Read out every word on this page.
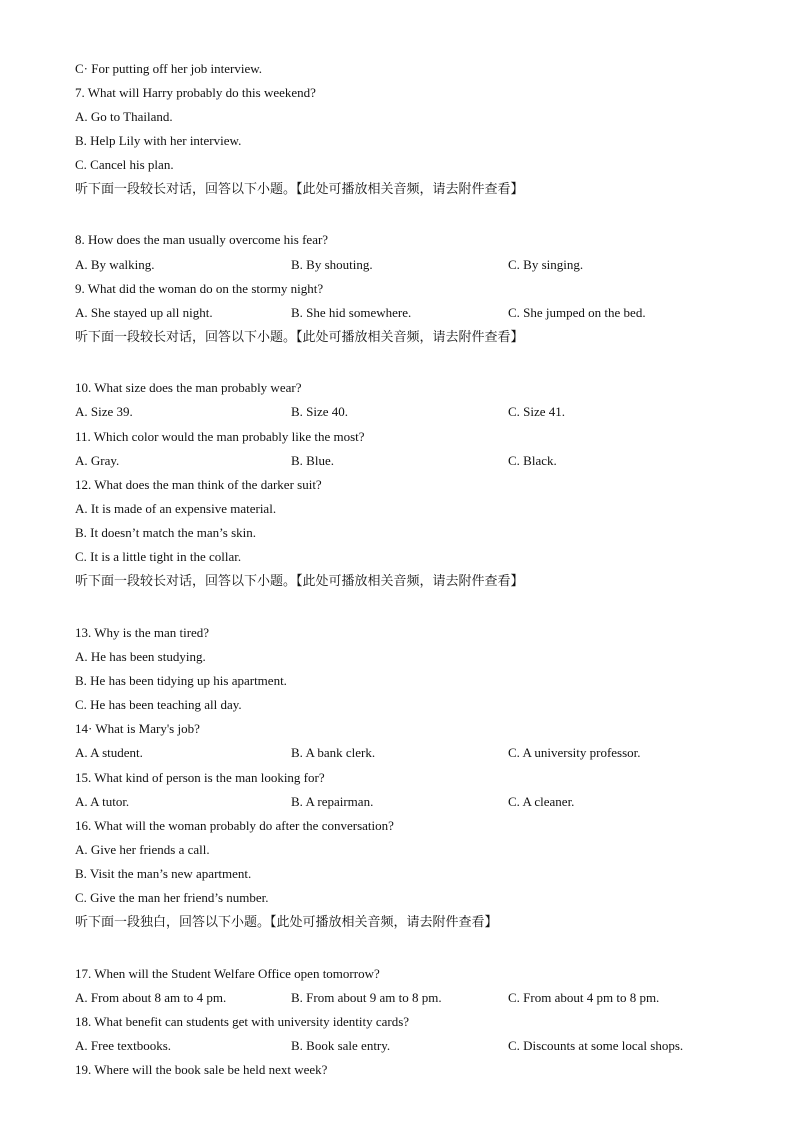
C· For putting off her job interview.
7. What will Harry probably do this weekend?
A. Go to Thailand.
B. Help Lily with her interview.
C. Cancel his plan.
听下面一段较长对话，回答以下小题。【此处可播放相关音频，请去附件查看】
8. How does the man usually overcome his fear?
A. By walking.	B. By shouting.	C. By singing.
9. What did the woman do on the stormy night?
A. She stayed up all night.	B. She hid somewhere.	C. She jumped on the bed.
听下面一段较长对话，回答以下小题。【此处可播放相关音频，请去附件查看】
10. What size does the man probably wear?
A. Size 39.	B. Size 40.	C. Size 41.
11. Which color would the man probably like the most?
A. Gray.	B. Blue.	C. Black.
12. What does the man think of the darker suit?
A. It is made of an expensive material.
B. It doesn’t match the man’s skin.
C. It is a little tight in the collar.
听下面一段较长对话，回答以下小题。【此处可播放相关音频，请去附件查看】
13. Why is the man tired?
A. He has been studying.
B. He has been tidying up his apartment.
C. He has been teaching all day.
14· What is Mary's job?
A. A student.	B. A bank clerk.	C. A university professor.
15. What kind of person is the man looking for?
A. A tutor.	B. A repairman.	C. A cleaner.
16. What will the woman probably do after the conversation?
A. Give her friends a call.
B. Visit the man’s new apartment.
C. Give the man her friend’s number.
听下面一段独白，回答以下小题。【此处可播放相关音频，请去附件查看】
17. When will the Student Welfare Office open tomorrow?
A. From about 8 am to 4 pm.	B. From about 9 am to 8 pm.	C. From about 4 pm to 8 pm.
18. What benefit can students get with university identity cards?
A. Free textbooks.	B. Book sale entry.	C. Discounts at some local shops.
19. Where will the book sale be held next week?
